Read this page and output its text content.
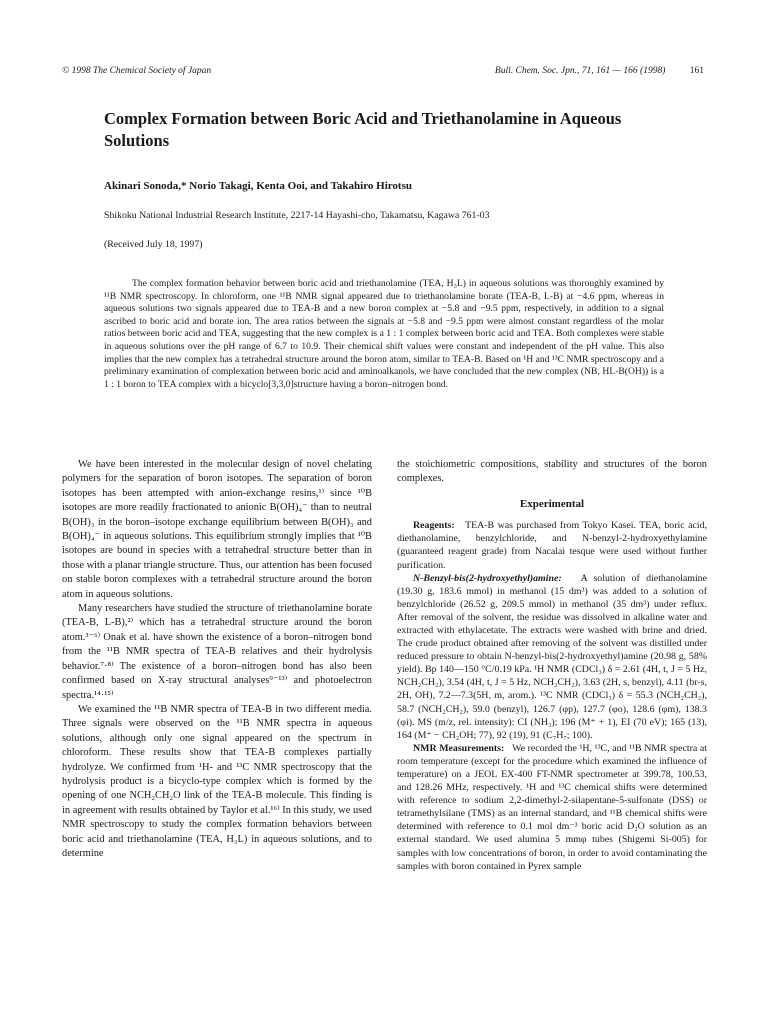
© 1998 The Chemical Society of Japan	Bull. Chem. Soc. Jpn., 71, 161 — 166 (1998)	161
Complex Formation between Boric Acid and Triethanolamine in Aqueous Solutions
Akinari Sonoda,* Norio Takagi, Kenta Ooi, and Takahiro Hirotsu
Shikoku National Industrial Research Institute, 2217-14 Hayashi-cho, Takamatsu, Kagawa 761-03
(Received July 18, 1997)

The complex formation behavior between boric acid and triethanolamine (TEA, H₃L) in aqueous solutions was thoroughly examined by ¹¹B NMR spectroscopy. In chloroform, one ¹¹B NMR signal appeared due to triethanolamine borate (TEA-B, L-B) at −4.6 ppm, whereas in aqueous solutions two signals appeared due to TEA-B and a new boron complex at −5.8 and −9.5 ppm, respectively, in addition to a signal ascribed to boric acid and borate ion. The area ratios between the signals at −5.8 and −9.5 ppm were almost constant regardless of the molar ratios between boric acid and TEA, suggesting that the new complex is a 1 : 1 complex between boric acid and TEA. Both complexes were stable in aqueous solutions over the pH range of 6.7 to 10.9. Their chemical shift values were constant and independent of the pH value. This also implies that the new complex has a tetrahedral structure around the boron atom, similar to TEA-B. Based on ¹H and ¹³C NMR spectroscopy and a preliminary examination of complexation between boric acid and aminoalkanols, we have concluded that the new complex (NB, HL-B(OH)) is a 1 : 1 boron to TEA complex with a bicyclo[3,3,0]structure having a boron–nitrogen bond.

We have been interested in the molecular design of novel chelating polymers for the separation of boron isotopes. The separation of boron isotopes has been attempted with anion-exchange resins,¹⁾ since ¹⁰B isotopes are more readily fractionated to anionic B(OH)₄⁻ than to neutral B(OH)₃ in the boron–isotope exchange equilibrium between B(OH)₃ and B(OH)₄⁻ in aqueous solutions. This equilibrium strongly implies that ¹⁰B isotopes are bound in species with a tetrahedral structure better than in those with a planar triangle structure. Thus, our attention has been focused on stable boron complexes with a tetrahedral structure around the boron atom in aqueous solutions.

Many researchers have studied the structure of triethanolamine borate (TEA-B, L-B),²⁾ which has a tetrahedral structure around the boron atom.³⁻⁶⁾ Onak et al. have shown the existence of a boron–nitrogen bond from the ¹¹B NMR spectra of TEA-B relatives and their hydrolysis behavior.⁷·⁸⁾ The existence of a boron–nitrogen bond has also been confirmed based on X-ray structural analyses⁹⁻¹³⁾ and photoelectron spectra.¹⁴·¹⁵⁾

We examined the ¹¹B NMR spectra of TEA-B in two different media. Three signals were observed on the ¹¹B NMR spectra in aqueous solutions, although only one signal appeared on the spectrum in chloroform. These results show that TEA-B complexes partially hydrolyze. We confirmed from ¹H- and ¹³C NMR spectroscopy that the hydrolysis product is a bicyclo-type complex which is formed by the opening of one NCH₂CH₂O link of the TEA-B molecule. This finding is in agreement with results obtained by Taylor et al.¹⁶⁾ In this study, we used NMR spectroscopy to study the complex formation behaviors between boric acid and triethanolamine (TEA, H₃L) in aqueous solutions, and to determine

the stoichiometric compositions, stability and structures of the boron complexes.

Experimental

Reagents: TEA-B was purchased from Tokyo Kasei. TEA, boric acid, diethanolamine, benzylchloride, and N-benzyl-2-hydroxyethylamine (guaranteed reagent grade) from Nacalai tesque were used without further purification.

N-Benzyl-bis(2-hydroxyethyl)amine: A solution of diethanolamine (19.30 g, 183.6 mmol) in methanol (15 dm³) was added to a solution of benzylchloride (26.52 g, 209.5 mmol) in methanol (35 dm³) under reflux. After removal of the solvent, the residue was dissolved in alkaline water and extracted with ethylacetate. The extracts were washed with brine and dried. The crude product obtained after removing of the solvent was distilled under reduced pressure to obtain N-benzyl-bis(2-hydroxyethyl)amine (20.98 g, 58% yield). Bp 140—150 °C/0.19 kPa. ¹H NMR (CDCl₃) δ = 2.61 (4H, t, J = 5 Hz, NCH₂CH₂), 3.54 (4H, t, J = 5 Hz, NCH₂CH₂), 3.63 (2H, s, benzyl), 4.11 (br-s, 2H, OH), 7.2—7.3(5H, m, arom.). ¹³C NMR (CDCl₃) δ = 55.3 (NCH₂CH₂), 58.7 (NCH₂CH₂), 59.0 (benzyl), 126.7 (φp), 127.7 (φo), 128.6 (φm), 138.3 (φi). MS (m/z, rel. intensity): CI (NH₃); 196 (M⁺ + 1), EI (70 eV); 165 (13), 164 (M⁺ − CH₂OH; 77), 92 (19), 91 (C₇H₇; 100).

NMR Measurements: We recorded the ¹H, ¹³C, and ¹¹B NMR spectra at room temperature (except for the procedure which examined the influence of temperature) on a JEOL EX-400 FT-NMR spectrometer at 399.78, 100.53, and 128.26 MHz, respectively. ¹H and ¹³C chemical shifts were determined with reference to sodium 2,2-dimethyl-2-silapentane-5-sulfonate (DSS) or tetramethylsilane (TMS) as an internal standard, and ¹¹B chemical shifts were determined with reference to 0.1 mol dm⁻³ boric acid D₂O solution as an external standard. We used alumina 5 mmφ tubes (Shigemi Si-005) for samples with low concentrations of boron, in order to avoid contaminating the samples with boron contained in Pyrex sample
